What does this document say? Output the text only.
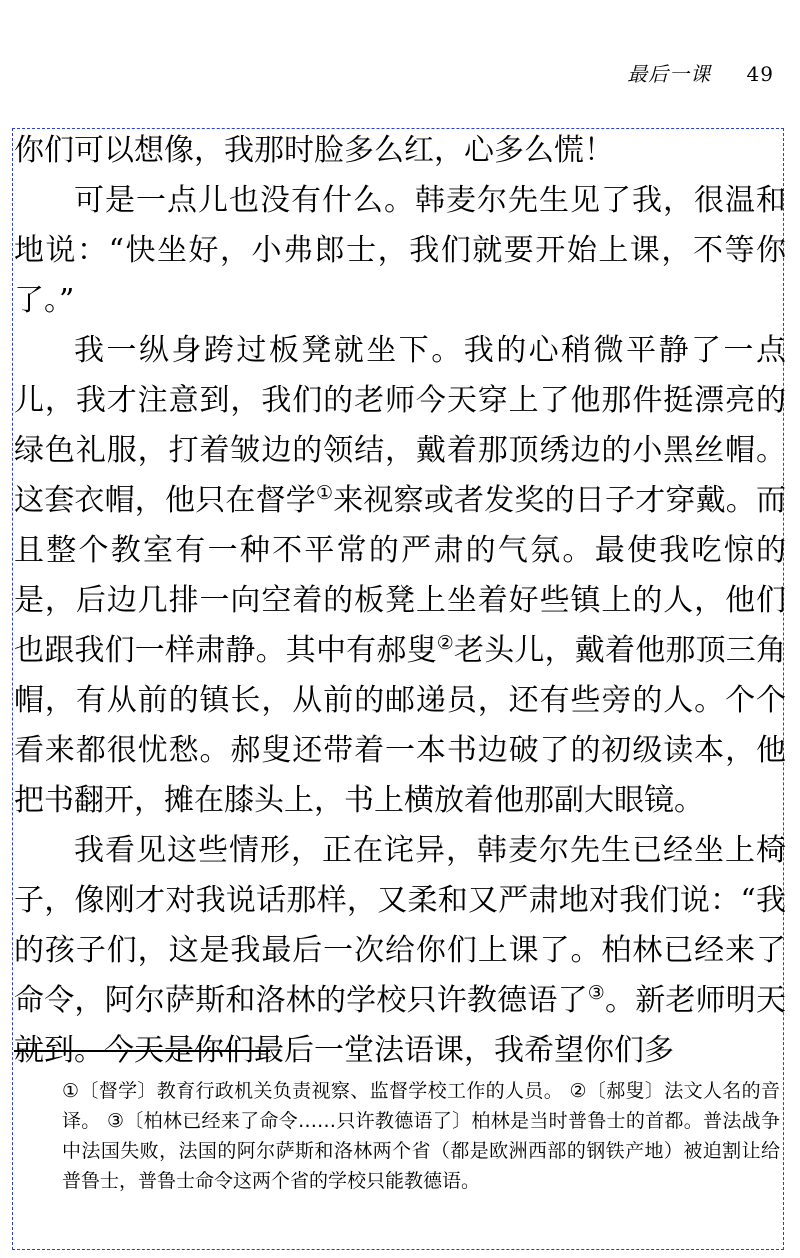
最后一课 49

你们可以想像，我那时脸多么红，心多么慌！

可是一点儿也没有什么。韩麦尔先生见了我，很温和地说：“快坐好，小弗郎士，我们就要开始上课，不等你了。”

我一纵身跨过板凳就坐下。我的心稍微平静了一点儿，我才注意到，我们的老师今天穿上了他那件挺漂亮的绿色礼服，打着皱边的领结，戴着那顶绣边的小黑丝帽。这套衣帽，他只在督学①来视察或者发奖的日子才穿戴。而且整个教室有一种不平常的严肃的气氛。最使我吃惊的是，后边几排一向空着的板凳上坐着好些镇上的人，他们也跟我们一样肃静。其中有郝叟②老头儿，戴着他那顶三角帽，有从前的镇长，从前的邮递员，还有些旁的人。个个看来都很忧愁。郝叟还带着一本书边破了的初级读本，他把书翻开，摊在膝头上，书上横放着他那副大眼镜。

我看见这些情形，正在诧异，韩麦尔先生已经坐上椅子，像刚才对我说话那样，又柔和又严肃地对我们说：“我的孩子们，这是我最后一次给你们上课了。柏林已经来了命令，阿尔萨斯和洛林的学校只许教德语了③。新老师明天就到。今天是你们最后一堂法语课，我希望你们多

①〔督学〕教育行政机关负责视察、监督学校工作的人员。 ②〔郝叟〕法文人名的音译。 ③〔柏林已经来了命令……只许教德语了〕柏林是当时普鲁士的首都。普法战争中法国失败，法国的阿尔萨斯和洛林两个省（都是欧洲西部的钢铁产地）被迫割让给普鲁士，普鲁士命令这两个省的学校只能教德语。
